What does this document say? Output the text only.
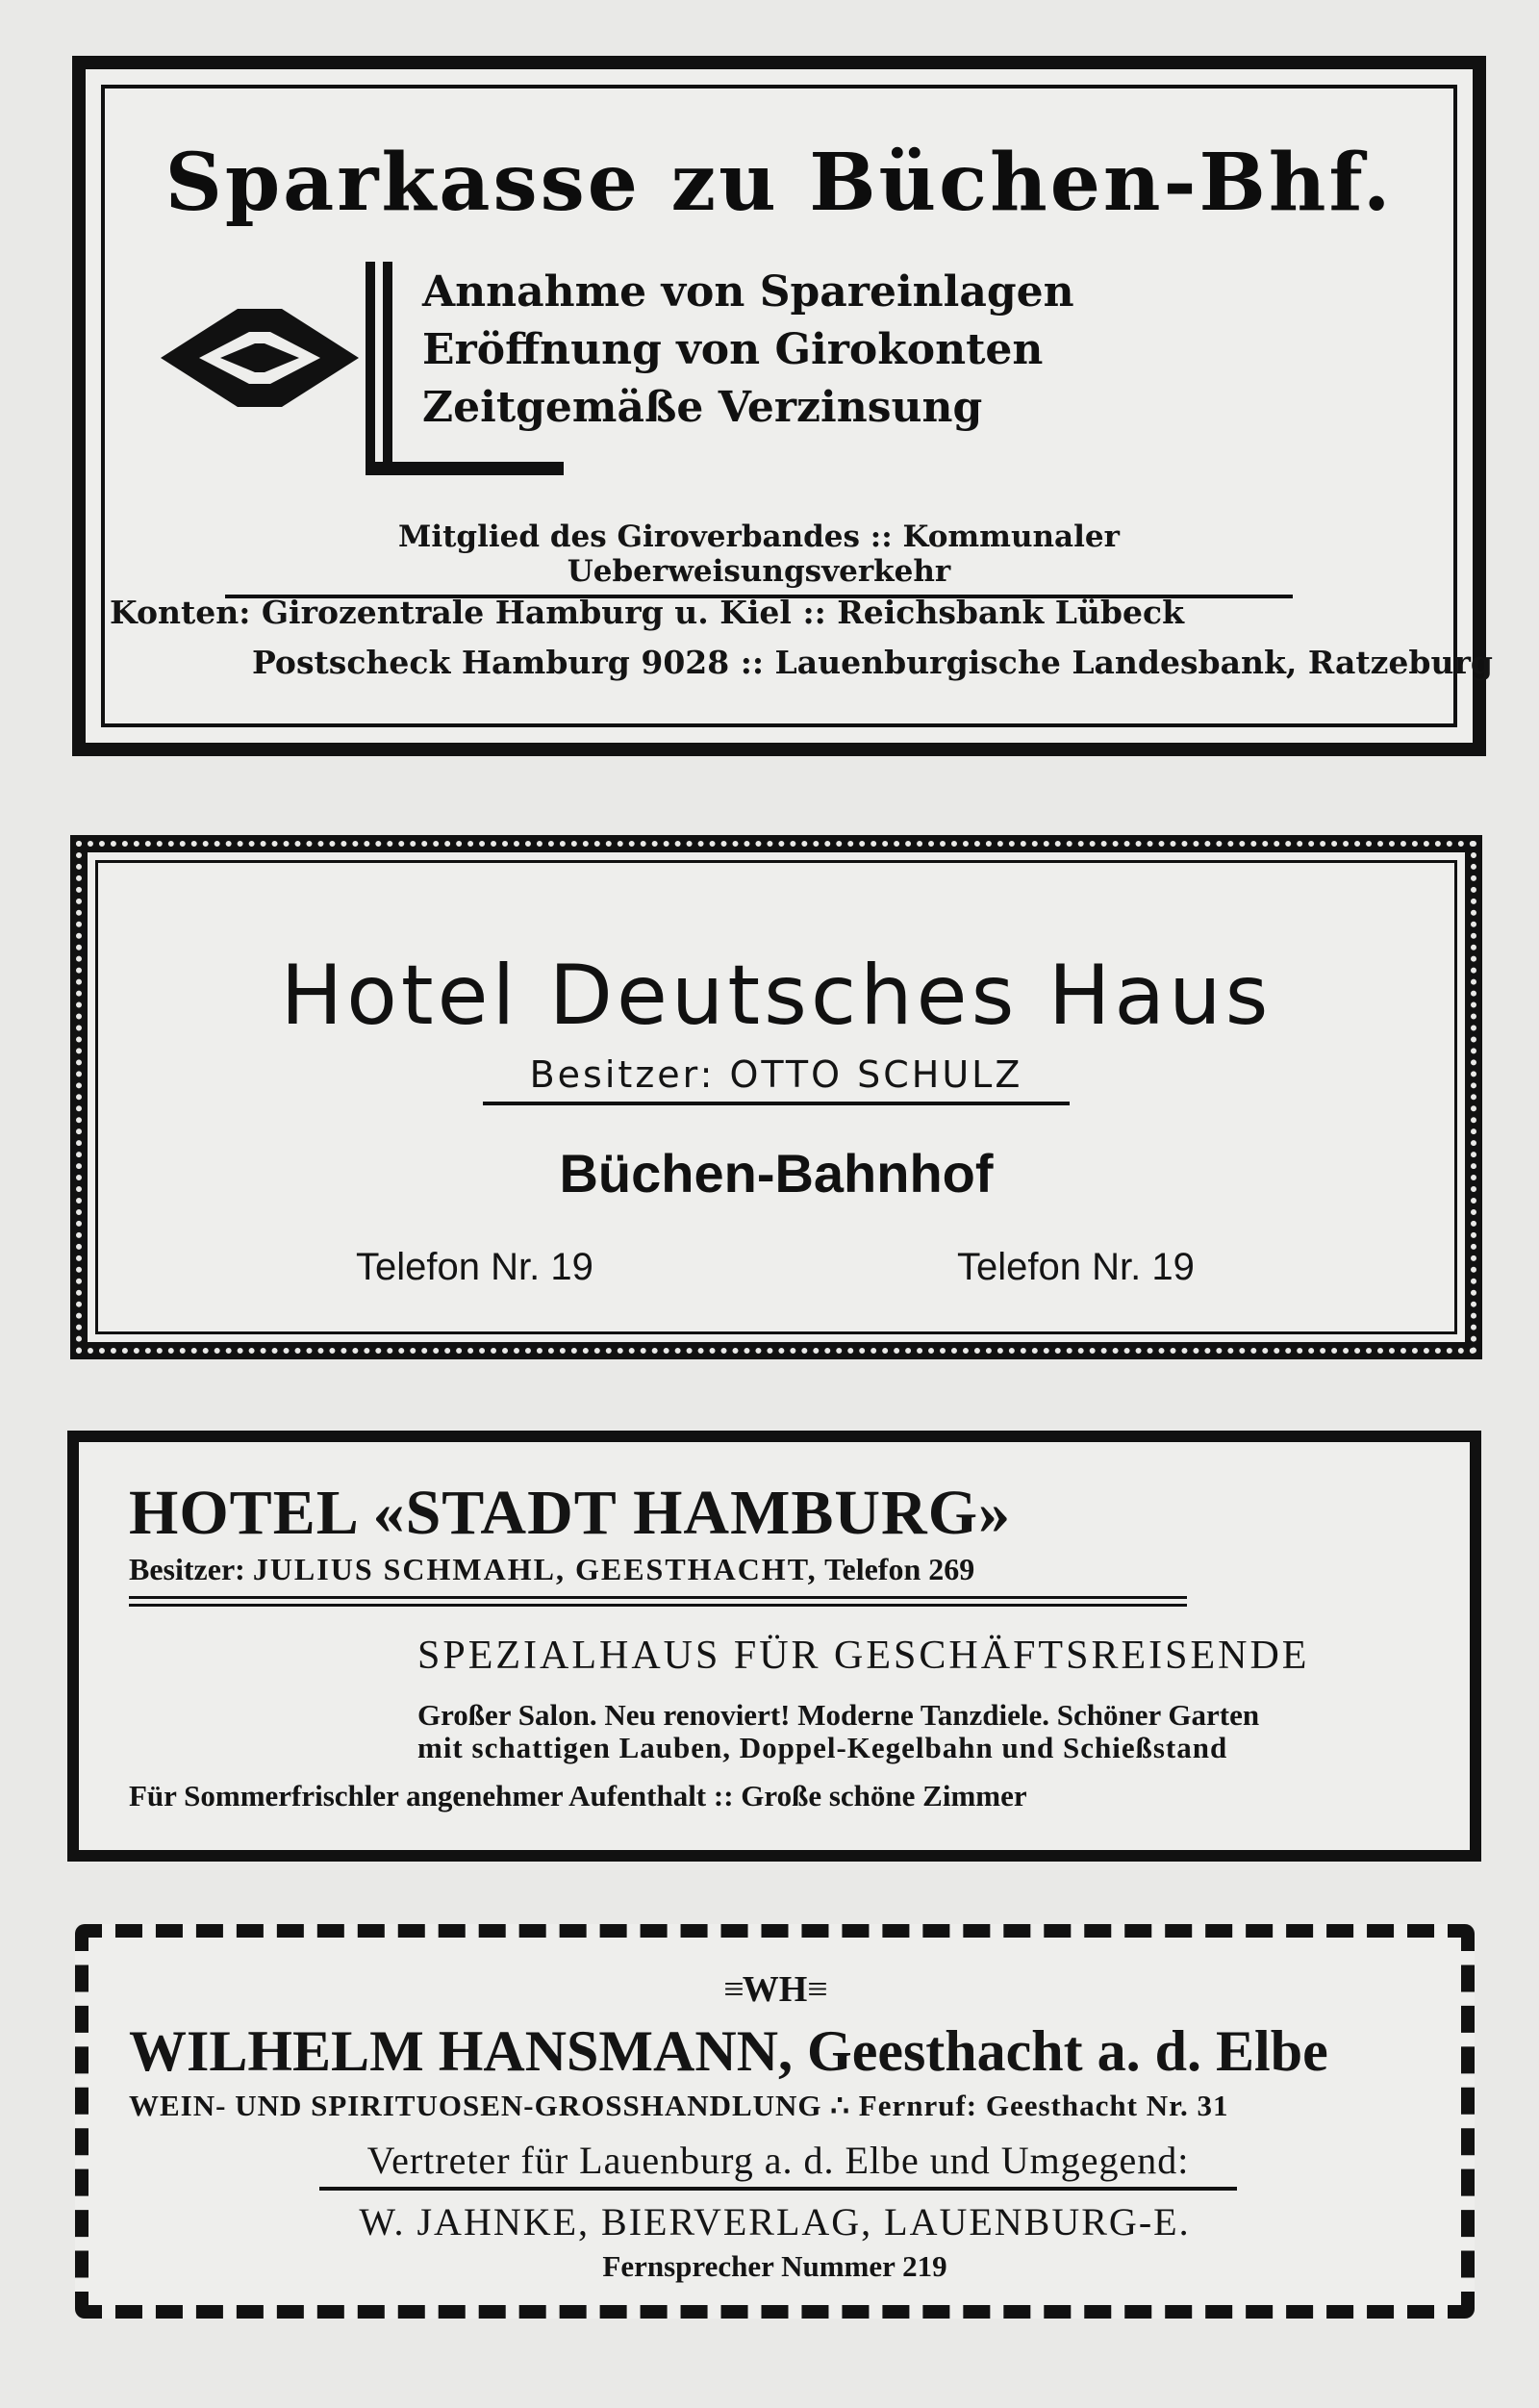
Sparkasse zu Büchen-Bhf.
Annahme von Spareinlagen
Eröffnung von Girokonten
Zeitgemäße Verzinsung
Mitglied des Giroverbandes :: Kommunaler Ueberweisungsverkehr
Konten: Girozentrale Hamburg u. Kiel :: Reichsbank Lübeck
Postscheck Hamburg 9028 :: Lauenburgische Landesbank, Ratzeburg
Hotel Deutsches Haus
Besitzer: OTTO SCHULZ
Büchen-Bahnhof
Telefon Nr. 19	Telefon Nr. 19
HOTEL «STADT HAMBURG»
Besitzer: JULIUS SCHMAHL, GEESTHACHT, Telefon 269
SPEZIALHAUS FÜR GESCHÄFTSREISENDE
Großer Salon. Neu renoviert! Moderne Tanzdiele. Schöner Garten
mit schattigen Lauben, Doppel-Kegelbahn und Schießstand
Für Sommerfrischler angenehmer Aufenthalt :: Große schöne Zimmer
≡WH≡
WILHELM HANSMANN, Geesthacht a. d. Elbe
WEIN- UND SPIRITUOSEN-GROSSHANDLUNG ∴ Fernruf: Geesthacht Nr. 31
Vertreter für Lauenburg a. d. Elbe und Umgegend:
W. JAHNKE, BIERVERLAG, LAUENBURG-E.
Fernsprecher Nummer 219
